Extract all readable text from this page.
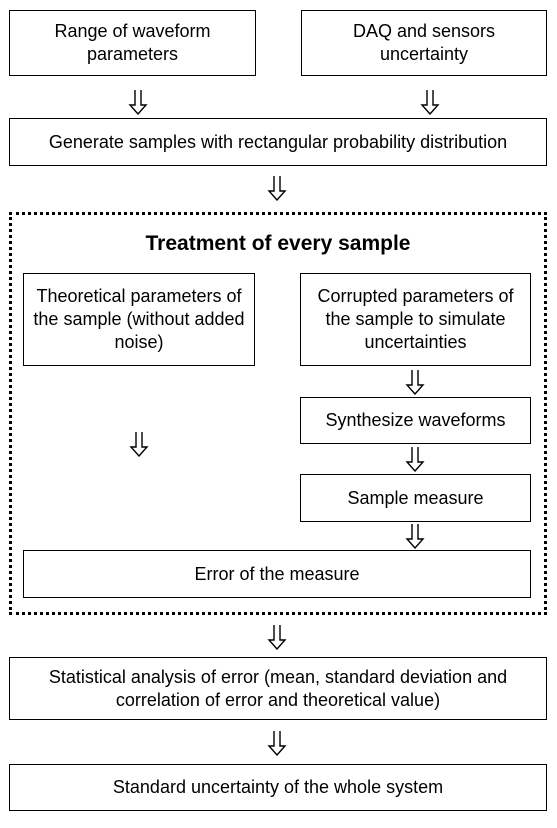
Range of waveform parameters
DAQ and sensors uncertainty
Generate samples with rectangular probability distribution
Treatment of every sample
Theoretical parameters of the sample (without added noise)
Corrupted parameters of the sample to simulate uncertainties
Synthesize waveforms
Sample measure
Error of the measure
Statistical analysis of error (mean, standard deviation and correlation of error and theoretical value)
Standard uncertainty of the whole system
